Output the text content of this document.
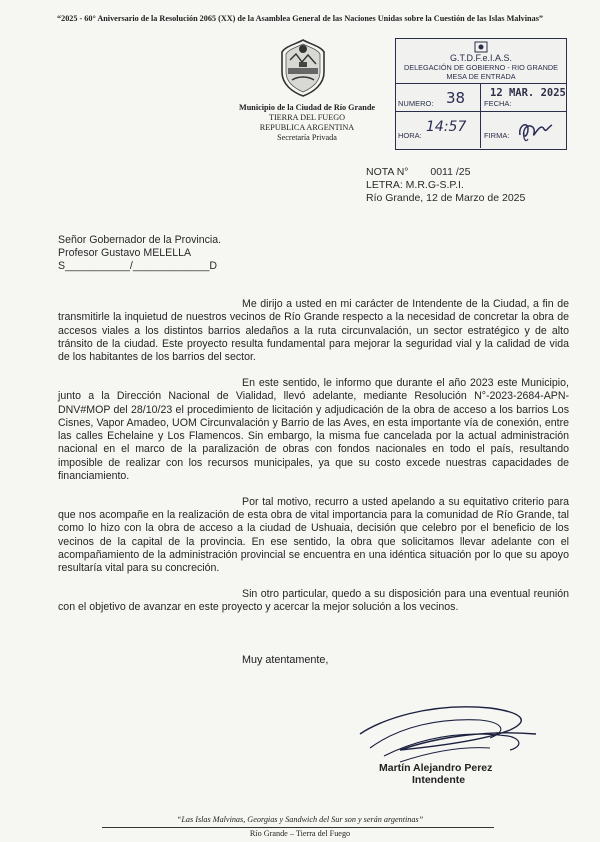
“2025 - 60° Aniversario de la Resolución 2065 (XX) de la Asamblea General de las Naciones Unidas sobre la Cuestión de las Islas Malvinas”
Municipio de la Ciudad de Río Grande
TIERRA DEL FUEGO
REPUBLICA ARGENTINA
Secretaría Privada
G.T.D.F.e.I.A.S.
DELEGACIÓN DE GOBIERNO - RIO GRANDE
MESA DE ENTRADA
NUMERO: 38	FECHA:
12 MAR. 2025
HORA:
14:57
FIRMA:
NOTA N° 0011 /25
LETRA: M.R.G-S.P.I.
Río Grande, 12 de Marzo de 2025
Señor Gobernador de la Provincia.
Profesor Gustavo MELELLA
S___________/_____________D

Me dirijo a usted en mi carácter de Intendente de la Ciudad, a fin de transmitirle la inquietud de nuestros vecinos de Río Grande respecto a la necesidad de concretar la obra de accesos viales a los distintos barrios aledaños a la ruta circunvalación, un sector estratégico y de alto tránsito de la ciudad. Este proyecto resulta fundamental para mejorar la seguridad vial y la calidad de vida de los habitantes de los barrios del sector.

En este sentido, le informo que durante el año 2023 este Municipio, junto a la Dirección Nacional de Vialidad, llevó adelante, mediante Resolución N°-2023-2684-APN-DNV#MOP del 28/10/23 el procedimiento de licitación y adjudicación de la obra de acceso a los barrios Los Cisnes, Vapor Amadeo, UOM Circunvalación y Barrio de las Aves, en esta importante vía de conexión, entre las calles Echelaine y Los Flamencos. Sin embargo, la misma fue cancelada por la actual administración nacional en el marco de la paralización de obras con fondos nacionales en todo el país, resultando imposible de realizar con los recursos municipales, ya que su costo excede nuestras capacidades de financiamiento.

Por tal motivo, recurro a usted apelando a su equitativo criterio para que nos acompañe en la realización de esta obra de vital importancia para la comunidad de Río Grande, tal como lo hizo con la obra de acceso a la ciudad de Ushuaia, decisión que celebro por el beneficio de los vecinos de la capital de la provincia. En ese sentido, la obra que solicitamos llevar adelante con el acompañamiento de la administración provincial se encuentra en una idéntica situación por lo que su apoyo resultaría vital para su concreción.

Sin otro particular, quedo a su disposición para una eventual reunión con el objetivo de avanzar en este proyecto y acercar la mejor solución a los vecinos.

Muy atentamente,
Martín Alejandro Perez
Intendente
“Las Islas Malvinas, Georgias y Sandwich del Sur son y serán argentinas”
Río Grande – Tierra del Fuego
